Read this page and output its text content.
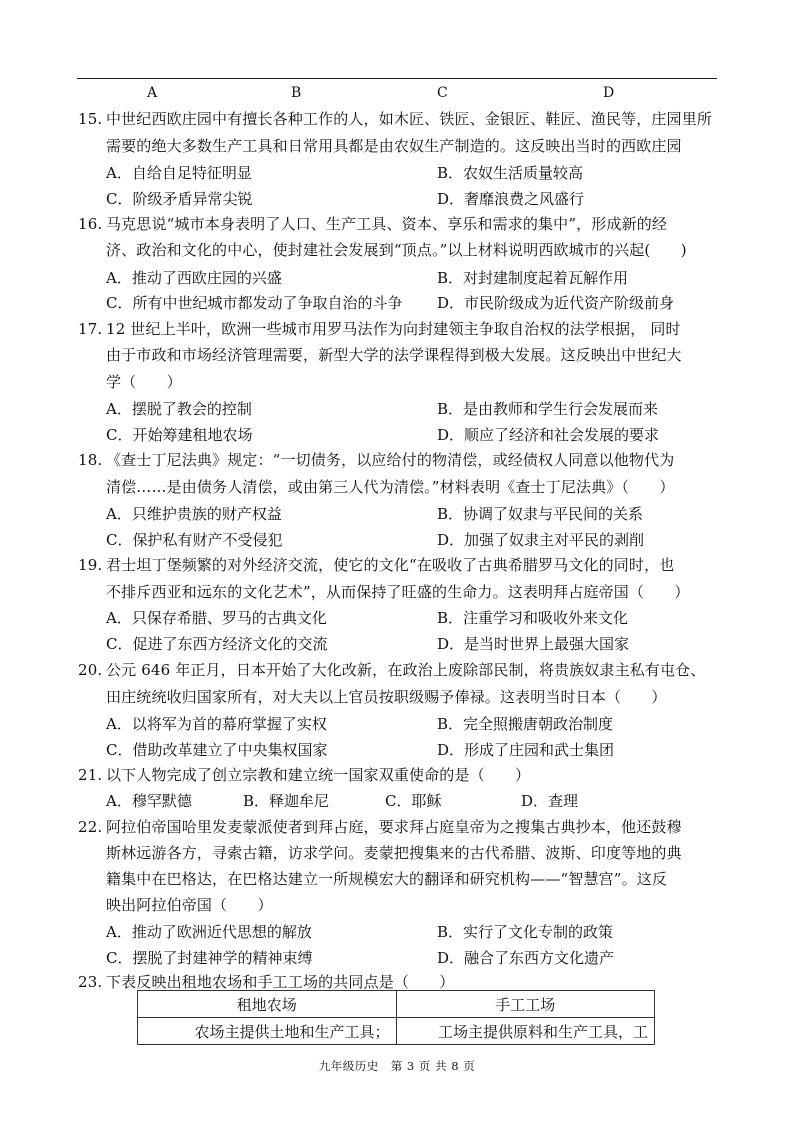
A	B	C	D
15. 中世纪西欧庄园中有擅长各种工作的人，如木匠、铁匠、金银匠、鞋匠、渔民等，庄园里所
需要的绝大多数生产工具和日常用具都是由农奴生产制造的。这反映出当时的西欧庄园
A．自给自足特征明显	B．农奴生活质量较高
C．阶级矛盾异常尖锐	D．奢靡浪费之风盛行
16. 马克思说“城市本身表明了人口、生产工具、资本、享乐和需求的集中”，形成新的经
济、政治和文化的中心，使封建社会发展到“顶点。”以上材料说明西欧城市的兴起(　　)
A．推动了西欧庄园的兴盛	B．对封建制度起着瓦解作用
C．所有中世纪城市都发动了争取自治的斗争 D．市民阶级成为近代资产阶级前身
17. 12 世纪上半叶，欧洲一些城市用罗马法作为向封建领主争取自治权的法学根据， 同时
由于市政和市场经济管理需要，新型大学的法学课程得到极大发展。这反映出中世纪大
学（　　）
A．摆脱了教会的控制	B．是由教师和学生行会发展而来
C．开始筹建租地农场	D．顺应了经济和社会发展的要求
18. 《查士丁尼法典》规定：“一切债务，以应给付的物清偿，或经债权人同意以他物代为
清偿……是由债务人清偿，或由第三人代为清偿。”材料表明《查士丁尼法典》（　　）
A．只维护贵族的财产权益	B．协调了奴隶与平民间的关系
C．保护私有财产不受侵犯	D．加强了奴隶主对平民的剥削
19. 君士坦丁堡频繁的对外经济交流，使它的文化“在吸收了古典希腊罗马文化的同时，也
不排斥西亚和远东的文化艺术”，从而保持了旺盛的生命力。这表明拜占庭帝国（　　）
A．只保存希腊、罗马的古典文化	B．注重学习和吸收外来文化
C．促进了东西方经济文化的交流	D．是当时世界上最强大国家
20. 公元 646 年正月，日本开始了大化改新，在政治上废除部民制，将贵族奴隶主私有屯仓、
田庄统统收归国家所有，对大夫以上官员按职级赐予俸禄。这表明当时日本（　　）
A．以将军为首的幕府掌握了实权	B．完全照搬唐朝政治制度
C．借助改革建立了中央集权国家	D．形成了庄园和武士集团
21. 以下人物完成了创立宗教和建立统一国家双重使命的是（　　）
A．穆罕默德	B．释迦牟尼	C．耶稣	D．查理
22. 阿拉伯帝国哈里发麦蒙派使者到拜占庭，要求拜占庭皇帝为之搜集古典抄本，他还鼓穆
斯林远游各方，寻索古籍，访求学问。麦蒙把搜集来的古代希腊、波斯、印度等地的典
籍集中在巴格达，在巴格达建立一所规模宏大的翻译和研究机构——“智慧宫”。这反
映出阿拉伯帝国（　　）
A．推动了欧洲近代思想的解放	B．实行了文化专制的政策
C．摆脱了封建神学的精神束缚	D．融合了东西方文化遗产
23. 下表反映出租地农场和手工工场的共同点是（　　）
租地农场	手工工场
农场主提供土地和生产工具；	工场主提供原料和生产工具，工
九年级历史　第 3 页 共 8 页
